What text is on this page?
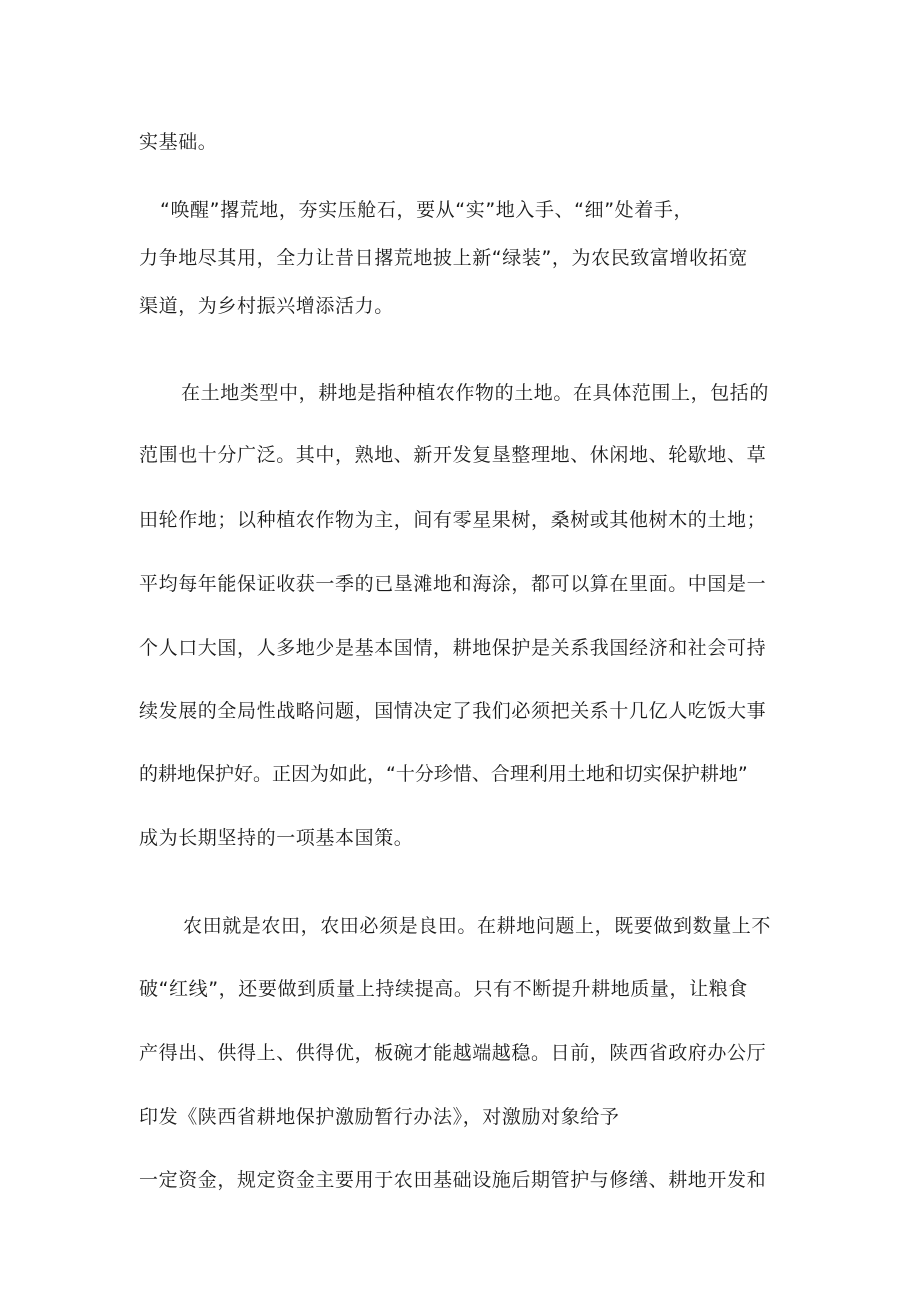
实基础。
“唤醒”撂荒地，夯实压舱石，要从“实”地入手、“细”处着手，
力争地尽其用，全力让昔日撂荒地披上新“绿装”，为农民致富增收拓宽
渠道，为乡村振兴增添活力。
在土地类型中，耕地是指种植农作物的土地。在具体范围上，包括的
范围也十分广泛。其中，熟地、新开发复垦整理地、休闲地、轮歇地、草
田轮作地；以种植农作物为主，间有零星果树，桑树或其他树木的土地；
平均每年能保证收获一季的已垦滩地和海涂，都可以算在里面。中国是一
个人口大国，人多地少是基本国情，耕地保护是关系我国经济和社会可持
续发展的全局性战略问题，国情决定了我们必须把关系十几亿人吃饭大事
的耕地保护好。正因为如此，“十分珍惜、合理利用土地和切实保护耕地”
成为长期坚持的一项基本国策。
农田就是农田，农田必须是良田。在耕地问题上，既要做到数量上不
破“红线”，还要做到质量上持续提高。只有不断提升耕地质量，让粮食
产得出、供得上、供得优，板碗才能越端越稳。日前，陕西省政府办公厅
印发《陕西省耕地保护激励暂行办法》，对激励对象给予
一定资金，规定资金主要用于农田基础设施后期管护与修缮、耕地开发和
